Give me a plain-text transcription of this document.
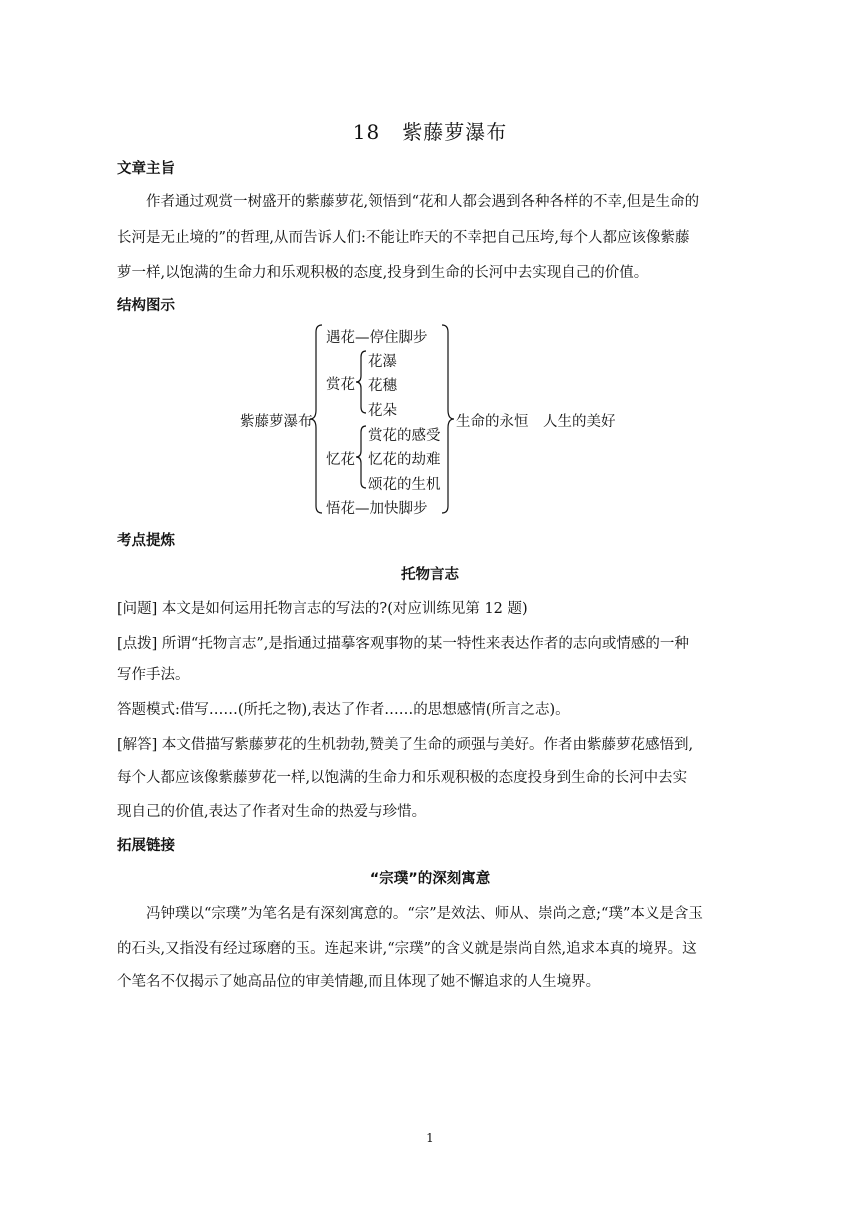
18 紫藤萝瀑布
文章主旨
作者通过观赏一树盛开的紫藤萝花,领悟到“花和人都会遇到各种各样的不幸,但是生命的
长河是无止境的”的哲理,从而告诉人们:不能让昨天的不幸把自己压垮,每个人都应该像紫藤
萝一样,以饱满的生命力和乐观积极的态度,投身到生命的长河中去实现自己的价值。
结构图示
紫藤萝瀑布
遇花—停住脚步
赏花
花瀑
花穗
花朵
忆花
赏花的感受
忆花的劫难
颂花的生机
悟花—加快脚步
生命的永恒　人生的美好
考点提炼
托物言志
[问题] 本文是如何运用托物言志的写法的?(对应训练见第 12 题)
[点拨] 所谓“托物言志”,是指通过描摹客观事物的某一特性来表达作者的志向或情感的一种
写作手法。
答题模式:借写……(所托之物),表达了作者……的思想感情(所言之志)。
[解答] 本文借描写紫藤萝花的生机勃勃,赞美了生命的顽强与美好。作者由紫藤萝花感悟到,
每个人都应该像紫藤萝花一样,以饱满的生命力和乐观积极的态度投身到生命的长河中去实
现自己的价值,表达了作者对生命的热爱与珍惜。
拓展链接
“宗璞”的深刻寓意
冯钟璞以“宗璞”为笔名是有深刻寓意的。“宗”是效法、师从、崇尚之意;“璞”本义是含玉
的石头,又指没有经过琢磨的玉。连起来讲,“宗璞”的含义就是崇尚自然,追求本真的境界。这
个笔名不仅揭示了她高品位的审美情趣,而且体现了她不懈追求的人生境界。
1
